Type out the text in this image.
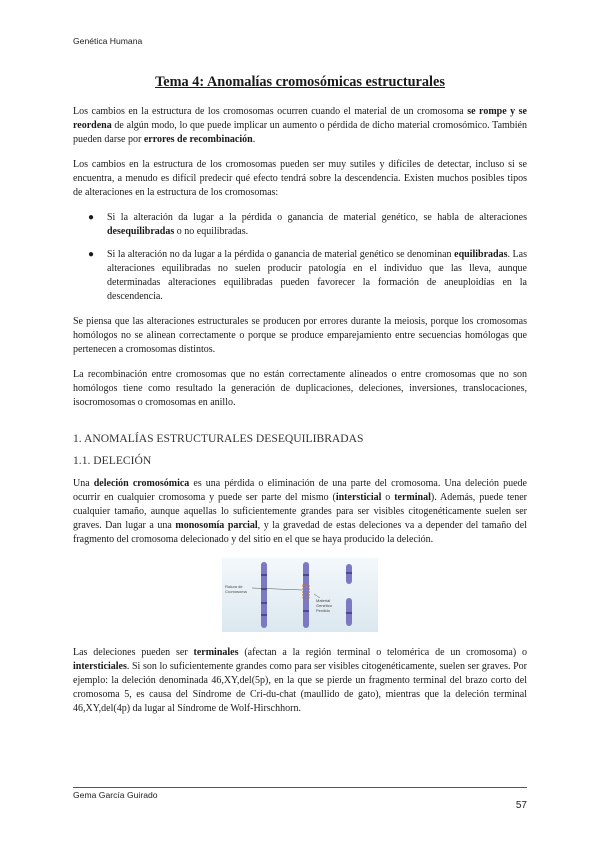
Genética Humana
Tema 4: Anomalías cromosómicas estructurales

Los cambios en la estructura de los cromosomas ocurren cuando el material de un cromosoma se rompe y se reordena de algún modo, lo que puede implicar un aumento o pérdida de dicho material cromosómico. También pueden darse por errores de recombinación.

Los cambios en la estructura de los cromosomas pueden ser muy sutiles y difíciles de detectar, incluso si se encuentra, a menudo es difícil predecir qué efecto tendrá sobre la descendencia. Existen muchos posibles tipos de alteraciones en la estructura de los cromosomas:

● Si la alteración da lugar a la pérdida o ganancia de material genético, se habla de alteraciones desequilibradas o no equilibradas.
● Si la alteración no da lugar a la pérdida o ganancia de material genético se denominan equilibradas. Las alteraciones equilibradas no suelen producir patología en el individuo que las lleva, aunque determinadas alteraciones equilibradas pueden favorecer la formación de aneuploidías en la descendencia.

Se piensa que las alteraciones estructurales se producen por errores durante la meiosis, porque los cromosomas homólogos no se alinean correctamente o porque se produce emparejamiento entre secuencias homólogas que pertenecen a cromosomas distintos.

La recombinación entre cromosomas que no están correctamente alineados o entre cromosomas que no son homólogos tiene como resultado la generación de duplicaciones, deleciones, inversiones, translocaciones, isocromosomas o cromosomas en anillo.

1. ANOMALÍAS ESTRUCTURALES DESEQUILIBRADAS
1.1. DELECIÓN

Una deleción cromosómica es una pérdida o eliminación de una parte del cromosoma. Una deleción puede ocurrir en cualquier cromosoma y puede ser parte del mismo (intersticial o terminal). Además, puede tener cualquier tamaño, aunque aquellas lo suficientemente grandes para ser visibles citogenéticamente suelen ser graves. Dan lugar a una monosomía parcial, y la gravedad de estas deleciones va a depender del tamaño del fragmento del cromosoma delecionado y del sitio en el que se haya producido la deleción.

Rotura de
Cromosoma
Material
Genético
Perdido

Las deleciones pueden ser terminales (afectan a la región terminal o telomérica de un cromosoma) o intersticiales. Si son lo suficientemente grandes como para ser visibles citogenéticamente, suelen ser graves. Por ejemplo: la deleción denominada 46,XY,del(5p), en la que se pierde un fragmento terminal del brazo corto del cromosoma 5, es causa del Síndrome de Cri-du-chat (maullido de gato), mientras que la deleción terminal 46,XY,del(4p) da lugar al Síndrome de Wolf-Hirschhorn.

Gema García Guirado
57
